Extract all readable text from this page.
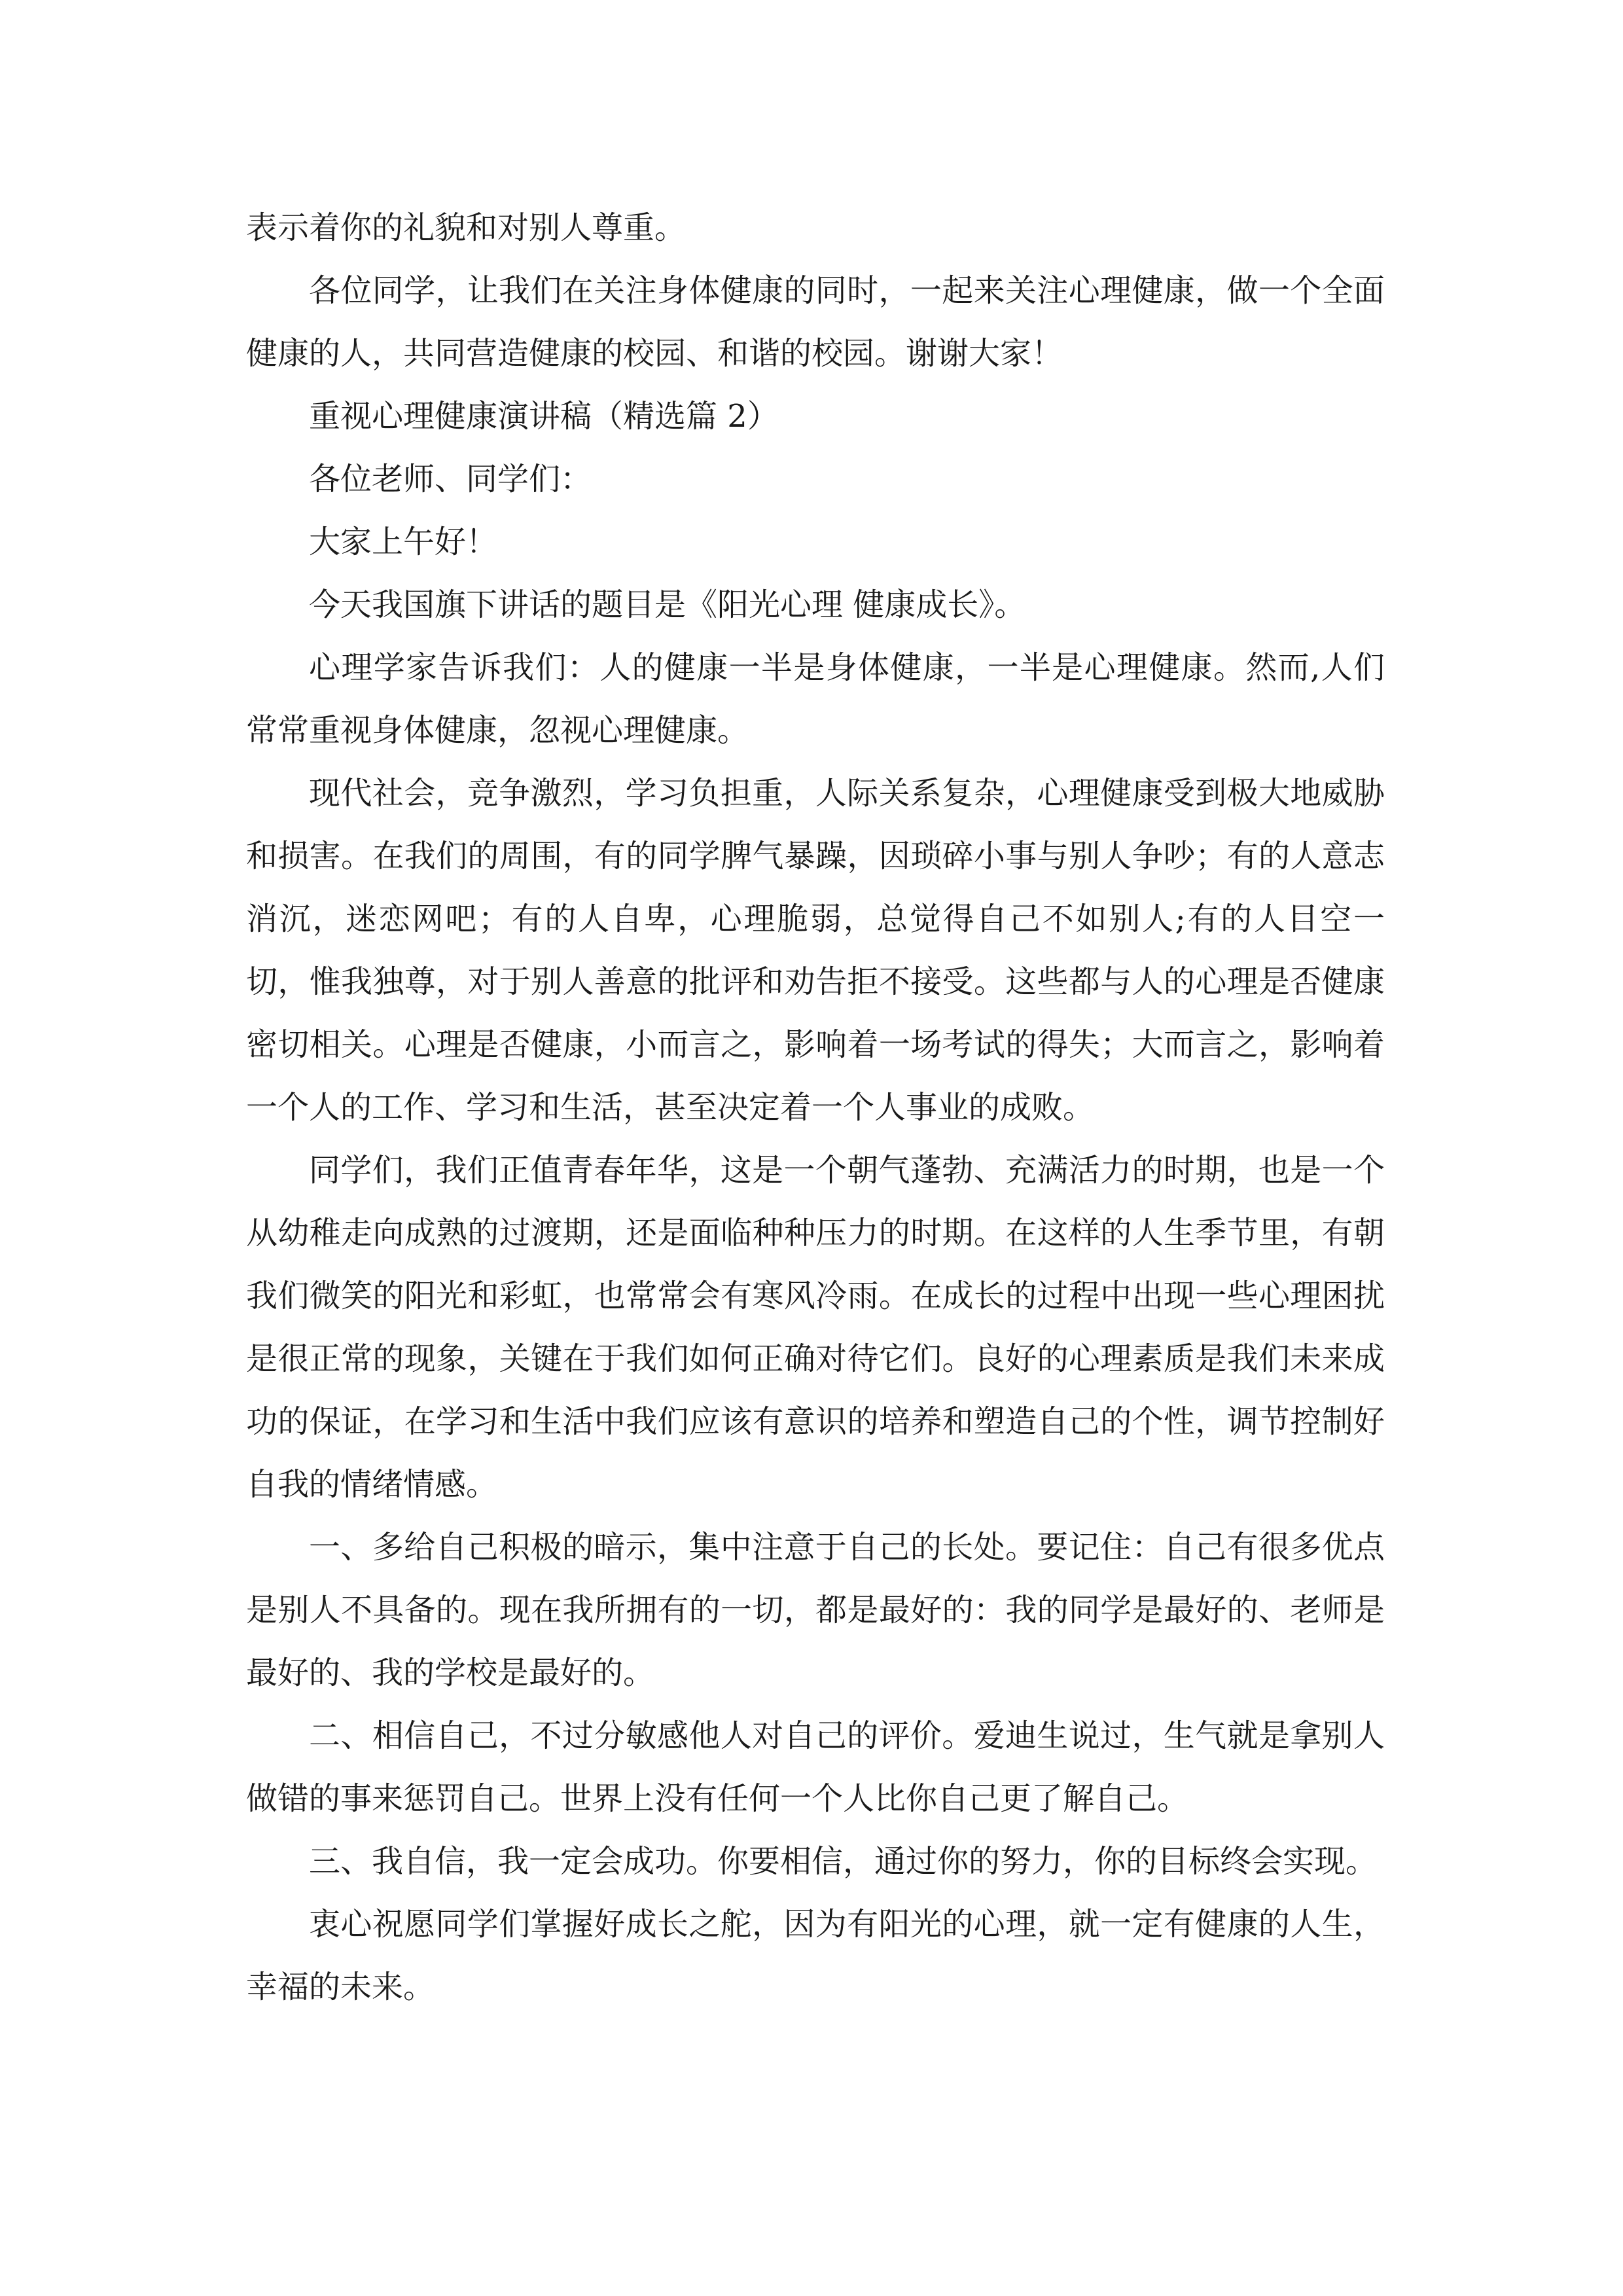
表示着你的礼貌和对别人尊重。

各位同学，让我们在关注身体健康的同时，一起来关注心理健康，做一个全面健康的人，共同营造健康的校园、和谐的校园。谢谢大家！

重视心理健康演讲稿（精选篇 2）

各位老师、同学们：

大家上午好！

今天我国旗下讲话的题目是《阳光心理 健康成长》。

心理学家告诉我们：人的健康一半是身体健康，一半是心理健康。然而,人们常常重视身体健康，忽视心理健康。

现代社会，竞争激烈，学习负担重，人际关系复杂，心理健康受到极大地威胁和损害。在我们的周围，有的同学脾气暴躁，因琐碎小事与别人争吵；有的人意志消沉，迷恋网吧；有的人自卑，心理脆弱，总觉得自己不如别人;有的人目空一切，惟我独尊，对于别人善意的批评和劝告拒不接受。这些都与人的心理是否健康密切相关。心理是否健康，小而言之，影响着一场考试的得失；大而言之，影响着一个人的工作、学习和生活，甚至决定着一个人事业的成败。

同学们，我们正值青春年华，这是一个朝气蓬勃、充满活力的时期，也是一个从幼稚走向成熟的过渡期，还是面临种种压力的时期。在这样的人生季节里，有朝我们微笑的阳光和彩虹，也常常会有寒风冷雨。在成长的过程中出现一些心理困扰是很正常的现象，关键在于我们如何正确对待它们。良好的心理素质是我们未来成功的保证，在学习和生活中我们应该有意识的培养和塑造自己的个性，调节控制好自我的情绪情感。

一、多给自己积极的暗示，集中注意于自己的长处。要记住：自己有很多优点是别人不具备的。现在我所拥有的一切，都是最好的：我的同学是最好的、老师是最好的、我的学校是最好的。

二、相信自己，不过分敏感他人对自己的评价。爱迪生说过，生气就是拿别人做错的事来惩罚自己。世界上没有任何一个人比你自己更了解自己。

三、我自信，我一定会成功。你要相信，通过你的努力，你的目标终会实现。

衷心祝愿同学们掌握好成长之舵，因为有阳光的心理，就一定有健康的人生，幸福的未来。
